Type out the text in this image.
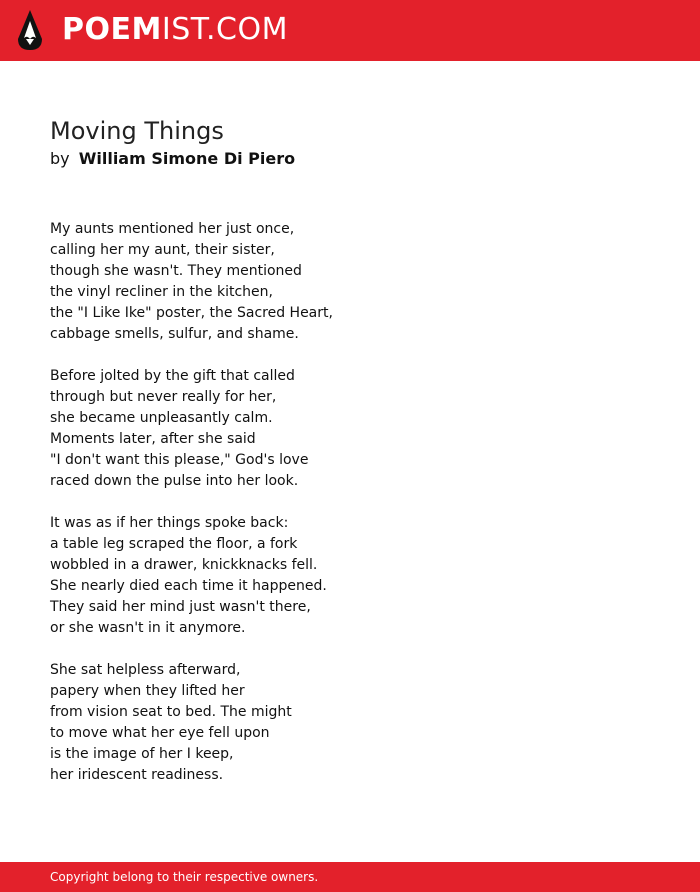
POEMIST.COM
Moving Things
by William Simone Di Piero
My aunts mentioned her just once,
calling her my aunt, their sister,
though she wasn't. They mentioned
the vinyl recliner in the kitchen,
the "I Like Ike" poster, the Sacred Heart,
cabbage smells, sulfur, and shame.
Before jolted by the gift that called
through but never really for her,
she became unpleasantly calm.
Moments later, after she said
"I don't want this please," God's love
raced down the pulse into her look.
It was as if her things spoke back:
a table leg scraped the floor, a fork
wobbled in a drawer, knickknacks fell.
She nearly died each time it happened.
They said her mind just wasn't there,
or she wasn't in it anymore.
She sat helpless afterward,
papery when they lifted her
from vision seat to bed. The might
to move what her eye fell upon
is the image of her I keep,
her iridescent readiness.
Copyright belong to their respective owners.
